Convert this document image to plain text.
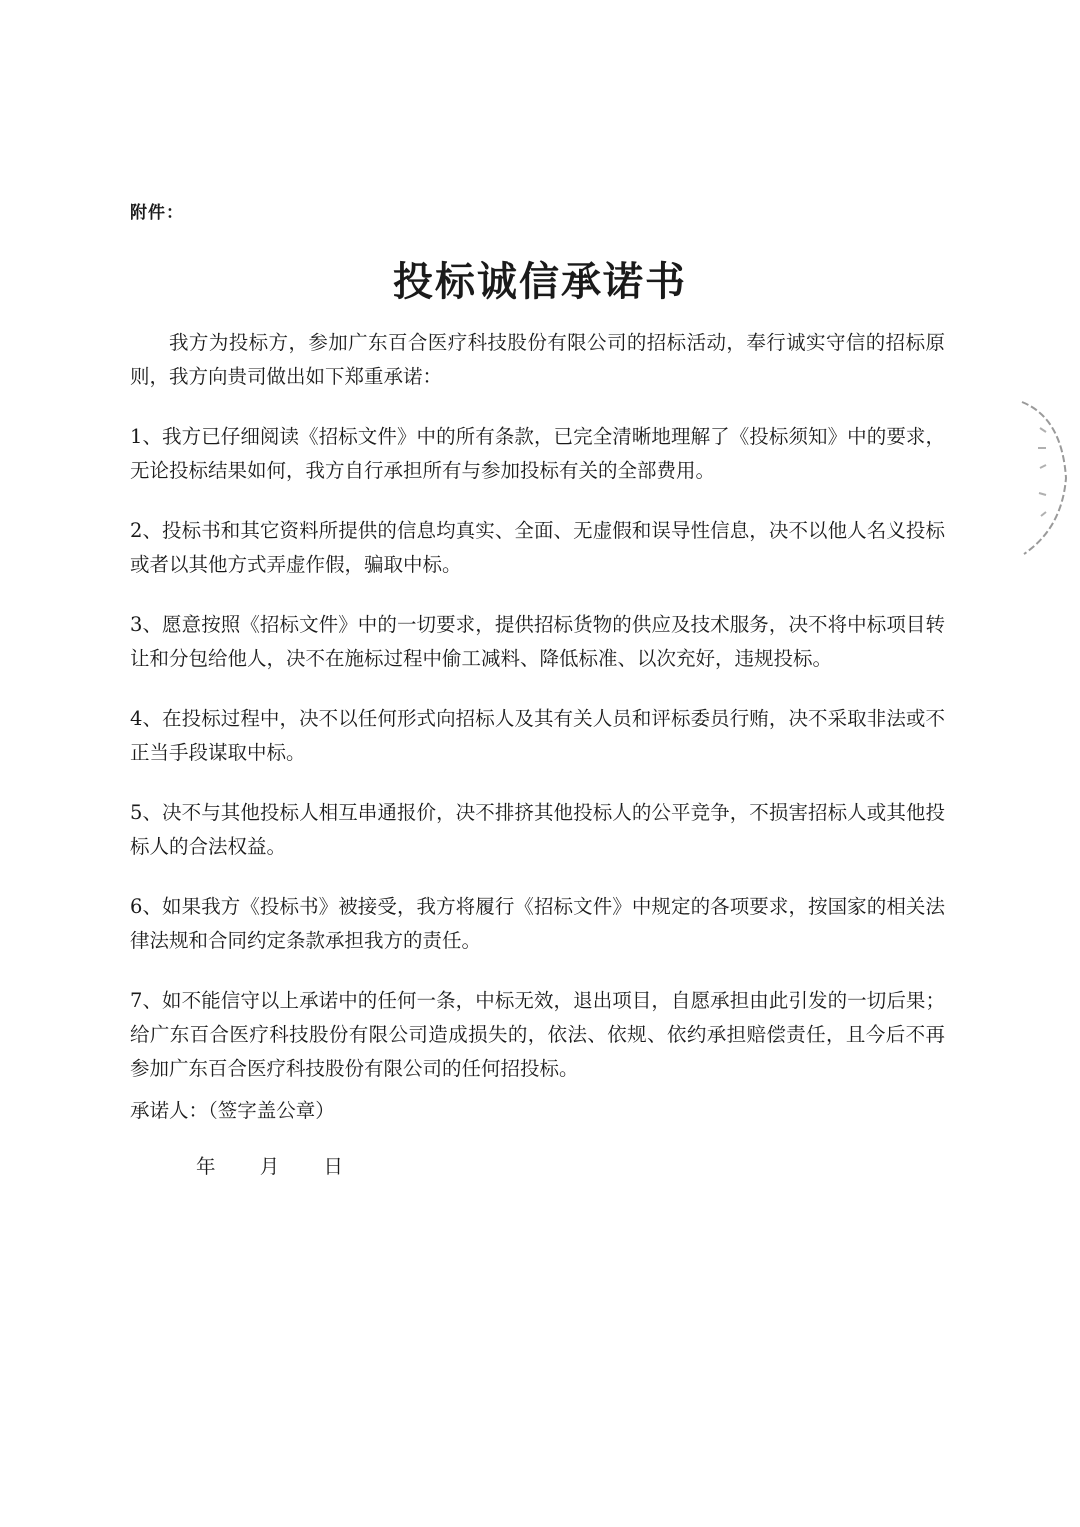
附件：
投标诚信承诺书

我方为投标方，参加广东百合医疗科技股份有限公司的招标活动，奉行诚实守信的招标原则，我方向贵司做出如下郑重承诺：

1、我方已仔细阅读《招标文件》中的所有条款，已完全清晰地理解了《投标须知》中的要求，无论投标结果如何，我方自行承担所有与参加投标有关的全部费用。

2、投标书和其它资料所提供的信息均真实、全面、无虚假和误导性信息，决不以他人名义投标或者以其他方式弄虚作假，骗取中标。

3、愿意按照《招标文件》中的一切要求，提供招标货物的供应及技术服务，决不将中标项目转让和分包给他人，决不在施标过程中偷工减料、降低标准、以次充好，违规投标。

4、在投标过程中，决不以任何形式向招标人及其有关人员和评标委员行贿，决不采取非法或不正当手段谋取中标。

5、决不与其他投标人相互串通报价，决不排挤其他投标人的公平竞争，不损害招标人或其他投标人的合法权益。

6、如果我方《投标书》被接受，我方将履行《招标文件》中规定的各项要求，按国家的相关法律法规和合同约定条款承担我方的责任。

7、如不能信守以上承诺中的任何一条，中标无效，退出项目，自愿承担由此引发的一切后果；给广东百合医疗科技股份有限公司造成损失的，依法、依规、依约承担赔偿责任，且今后不再参加广东百合医疗科技股份有限公司的任何招投标。

承诺人：（签字盖公章）
年 月 日
